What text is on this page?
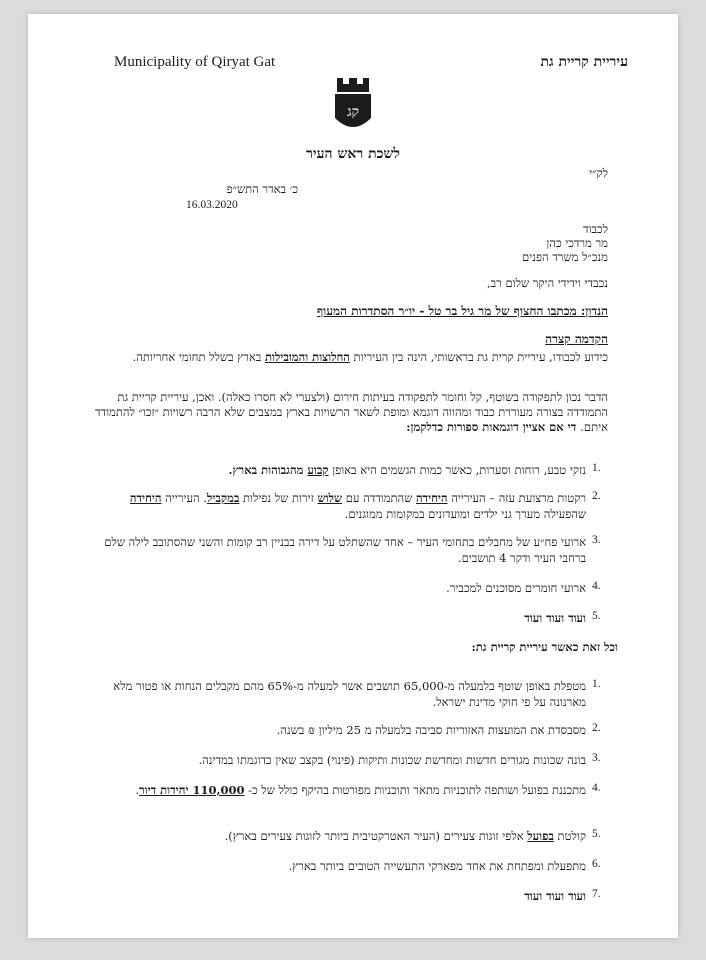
Municipality of Qiryat Gat	עיריית קריית גת
קג
לשכת ראש העיר
לק״י
כ׳ באדר התש״פ
16.03.2020
לכבוד
מר מרדכי כהן
מנכ״ל משרד הפנים
נכבדי וידידי היקר שלום רב,
הנדון: מכתבו החצוף של מר גיל בר טל - יו״ר הסתדרות המעוף
הקדמה קצרה
כידוע לכבודו, עיריית קרית גת בראשותי, הינה בין העיריות החלוצות והמובילות בארץ בשלל תחומי אחריותה.
הדבר נכון לתפקודה בשוטף, קל וחומר לתפקודה בעיתות חירום (ולצערי לא חסרו כאלה). ואכן, עיריית קריית גת התמודדה בצורה מעוררת כבוד ומהווה דוגמא ומופת לשאר הרשויות בארץ במצבים שלא הרבה רשויות ״זכו״ להתמודד איתם. די אם אציין דוגמאות ספורות כדלקמן:
1.
נזקי טבע, רוחות וסערות, כאשר כמות הגשמים היא באופן קבוע מהגבוהות בארץ.
2.
רקטות מרצועת עזה – העירייה היחידה שהתמודדה עם שלוש זירות של נפילות במקביל. העירייה היחידה שהפעילה מערך גני ילדים ומועדונים במקומות ממוגנים.
3.
ארועי פח״ע של מחבלים בתחומי העיר – אחד שהשתלט על דירה בבניין רב קומות והשני שהסתובב לילה שלם ברחבי העיר ודקר 4 תושבים.
4.
ארועי חומרים מסוכנים למכביר.
5.
ועוד ועוד ועוד
וכל זאת כאשר עיריית קריית גת:
1.
מטפלת באופן שוטף בלמעלה מ-65,000 תושבים אשר למעלה מ-65% מהם מקבלים הנחות או פטור מלא מארנונה על פי חוקי מדינת ישראל.
2.
מסבסדת את המועצות האזוריות סביבה בלמעלה מ 25 מיליון ₪ בשנה.
3.
בונה שכונות מגורים חדשות ומחדשת שכונות ותיקות (פינוי) בקצב שאין כדוגמתו במדינה.
4.
מתכננת בפועל ושותפה לתוכניות מתאר ותוכניות מפורטות בהיקף כולל של כ- 110,000 יחידות דיור.
5.
קולטת בפועל אלפי זוגות צעירים (העיר האטרקטיבית ביותר לזוגות צעירים בארץ).
6.
מתפעלת ומפתחת את אחד מפארקי התעשייה הטובים ביותר בארץ.
7.
ועוד ועוד ועוד
